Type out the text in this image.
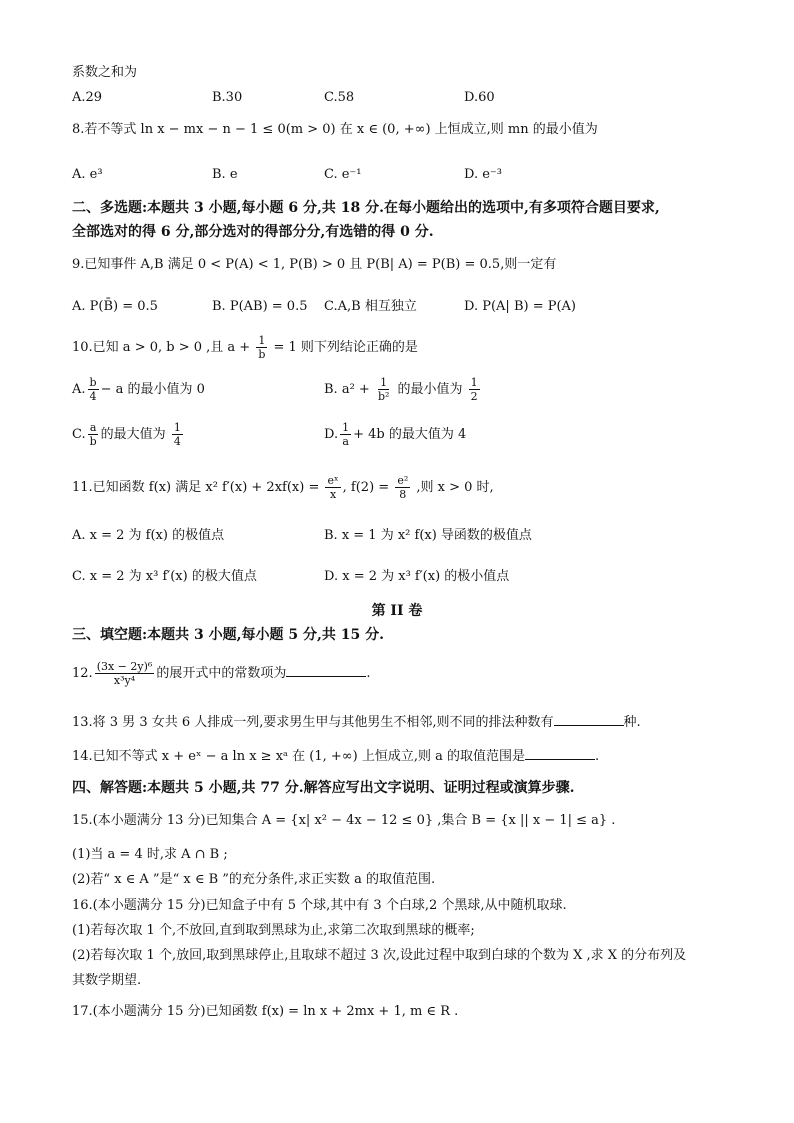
系数之和为
A.29	B.30	C.58	D.60
8.若不等式 ln x − mx − n − 1 ≤ 0(m > 0) 在 x ∈ (0, +∞) 上恒成立,则 mn 的最小值为
A. e³	B. e	C. e⁻¹	D. e⁻³
二、多选题:本题共 3 小题,每小题 6 分,共 18 分.在每小题给出的选项中,有多项符合题目要求,
全部选对的得 6 分,部分选对的得部分分,有选错的得 0 分.
9.已知事件 A,B 满足 0 < P(A) < 1, P(B) > 0 且 P(B| A) = P(B) = 0.5,则一定有
A. P(B̄) = 0.5	B. P(AB) = 0.5 C.A,B 相互独立	D. P(A| B) = P(A)
10.已知 a > 0, b > 0 ,且 $a + \frac{1}{b} = 1$ 则下列结论正确的是
A. $\frac{b}{4} - a$ 的最小值为 0	B. $a^2 + \frac{1}{\text{b²}}$ 的最小值为 $\frac{1}{2}$
C. $\frac{a}{b}$ 的最大值为 $\frac{1}{4}$	D. $\frac{1}{a} + 4b$ 的最大值为 4
11.已知函数 f(x) 满足 x² $f'(x) + 2xf(x) = \frac{\text{eˣ}}{x}$ , $f(2) = \frac{\text{e²}}{8}$ ,则 x > 0 时,
A. x = 2 为 f(x) 的极值点	B. x = 1 为 x² f(x) 导函数的极值点
C. x = 2 为 x³ f′(x) 的极大值点	D. x = 2 为 x³ f′(x) 的极小值点
第 II 卷
三、填空题:本题共 3 小题,每小题 5 分,共 15 分.
12. $\frac{\text{(3x − 2y)⁶}}{\text{x³y⁴}}$ 的展开式中的常数项为	.
13.将 3 男 3 女共 6 人排成一列,要求男生甲与其他男生不相邻,则不同的排法种数有	种.
14.已知不等式 x + eˣ − a ln x ≥ xᵃ 在 (1, +∞) 上恒成立,则 a 的取值范围是	.
四、解答题:本题共 5 小题,共 77 分.解答应写出文字说明、证明过程或演算步骤.
15.(本小题满分 13 分)已知集合 A = {x| x² − 4x − 12 ≤ 0} ,集合 B = {x || x − 1| ≤ a} .
(1)当 a = 4 时,求 A ∩ B ;
(2)若“ x ∈ A ”是“ x ∈ B ”的充分条件,求正实数 a 的取值范围.
16.(本小题满分 15 分)已知盒子中有 5 个球,其中有 3 个白球,2 个黑球,从中随机取球.
(1)若每次取 1 个,不放回,直到取到黑球为止,求第二次取到黑球的概率;
(2)若每次取 1 个,放回,取到黑球停止,且取球不超过 3 次,设此过程中取到白球的个数为 X ,求 X 的分布列及
其数学期望.
17.(本小题满分 15 分)已知函数 f(x) = ln x + 2mx + 1, m ∈ R .
